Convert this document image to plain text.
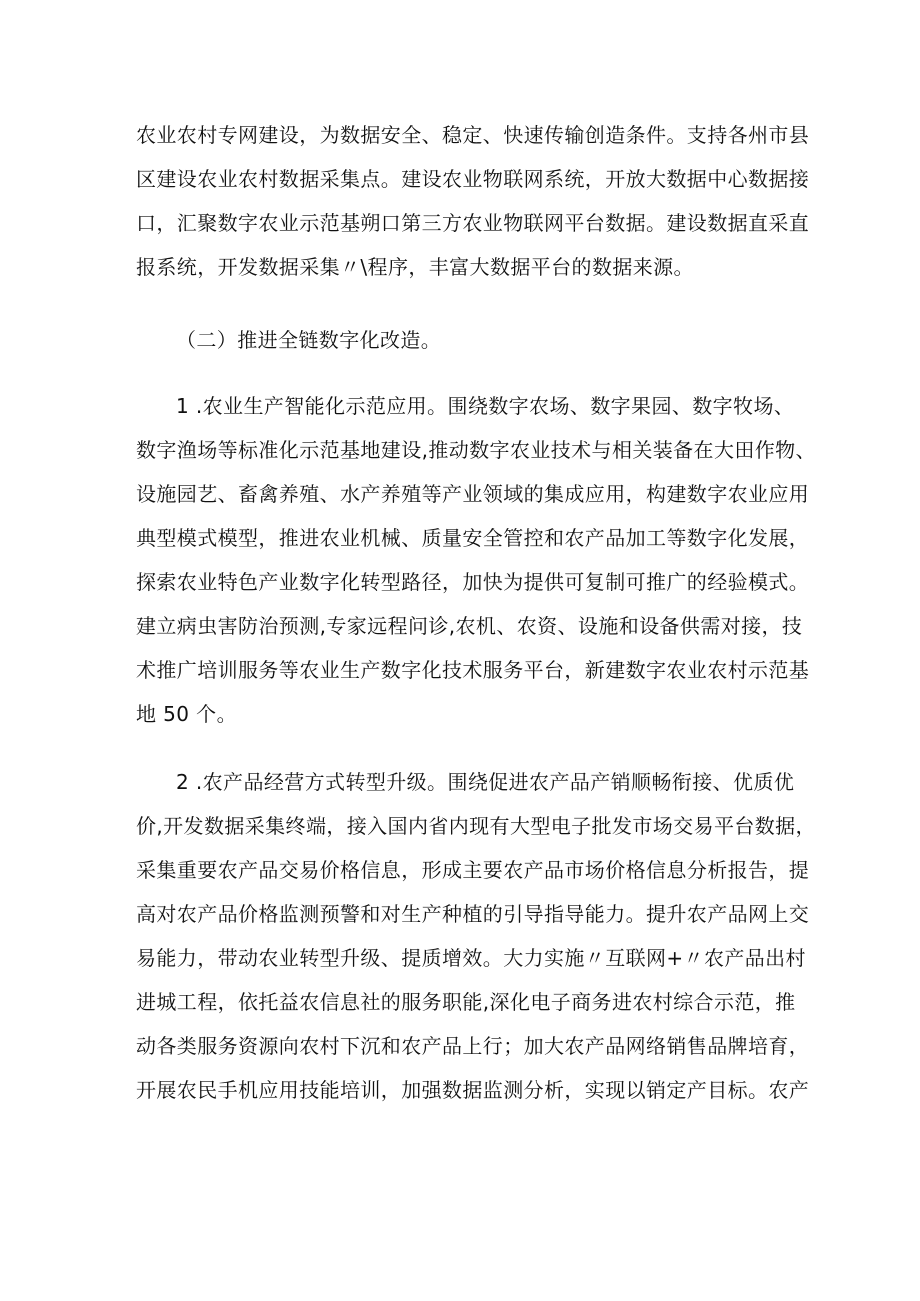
农业农村专网建设，为数据安全、稳定、快速传输创造条件。支持各州市县
区建设农业农村数据采集点。建设农业物联网系统，开放大数据中心数据接
口，汇聚数字农业示范基朔口第三方农业物联网平台数据。建设数据直采直
报系统，开发数据采集〃\程序，丰富大数据平台的数据来源。
（二）推进全链数字化改造。
1 .农业生产智能化示范应用。围绕数字农场、数字果园、数字牧场、
数字渔场等标准化示范基地建设,推动数字农业技术与相关装备在大田作物、
设施园艺、畜禽养殖、水产养殖等产业领域的集成应用，构建数字农业应用
典型模式模型，推进农业机械、质量安全管控和农产品加工等数字化发展，
探索农业特色产业数字化转型路径，加快为提供可复制可推广的经验模式。
建立病虫害防治预测,专家远程问诊,农机、农资、设施和设备供需对接，技
术推广培训服务等农业生产数字化技术服务平台，新建数字农业农村示范基
地 50 个。
2 .农产品经营方式转型升级。围绕促进农产品产销顺畅衔接、优质优
价,开发数据采集终端，接入国内省内现有大型电子批发市场交易平台数据，
采集重要农产品交易价格信息，形成主要农产品市场价格信息分析报告，提
高对农产品价格监测预警和对生产种植的引导指导能力。提升农产品网上交
易能力，带动农业转型升级、提质增效。大力实施〃互联网+〃农产品出村
进城工程，依托益农信息社的服务职能,深化电子商务进农村综合示范，推
动各类服务资源向农村下沉和农产品上行；加大农产品网络销售品牌培育，
开展农民手机应用技能培训，加强数据监测分析，实现以销定产目标。农产
